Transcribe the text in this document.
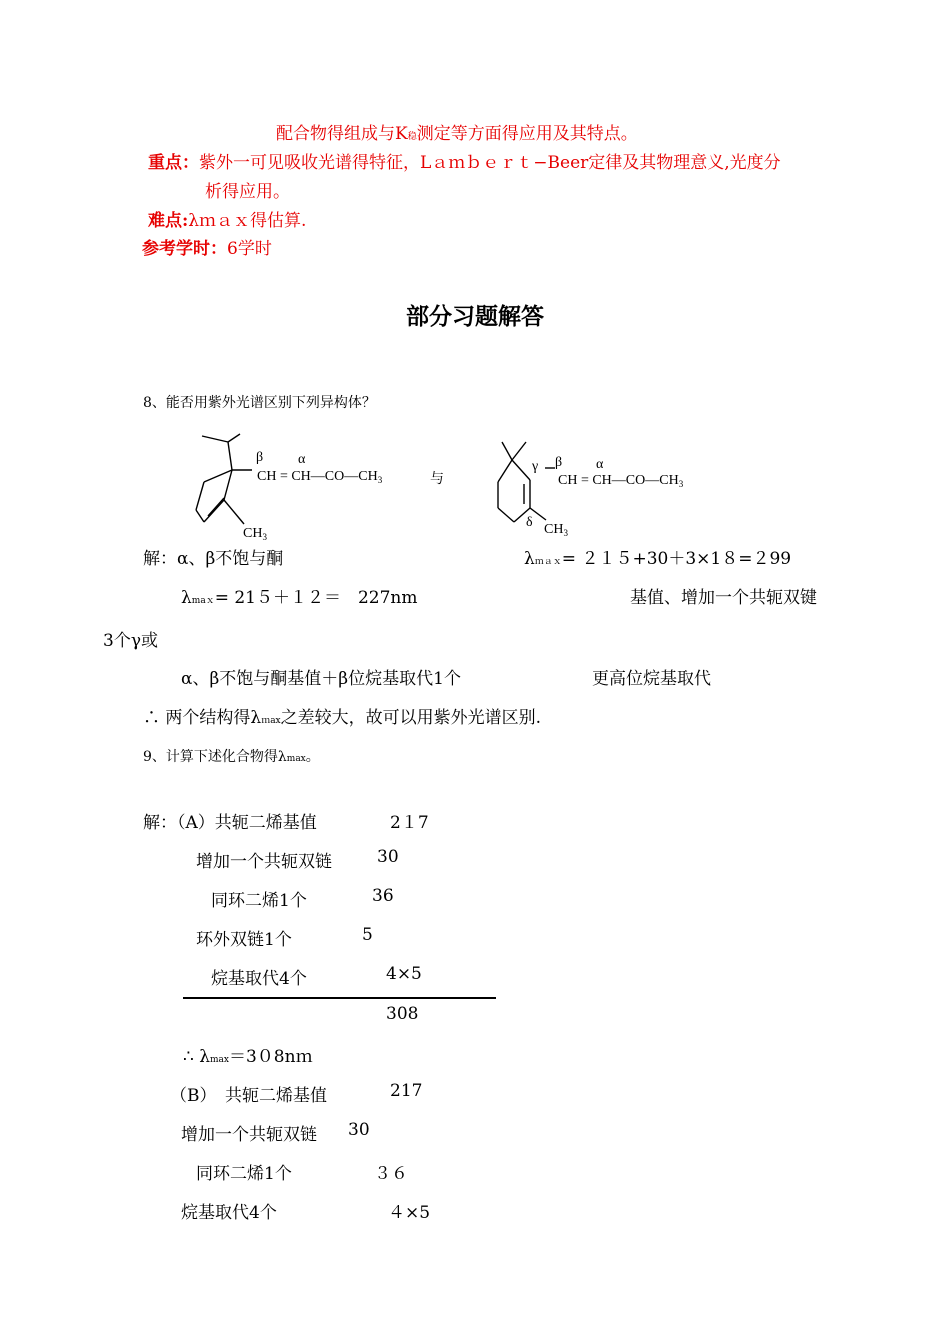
配合物得组成与K稳测定等方面得应用及其特点。
重点：紫外一可见吸收光谱得特征，Lａｍｂｅｒｔ−Beer定律及其物理意义,光度分
析得应用。
难点:λｍａｘ得估算.
参考学时：6学时
部分习题解答
8、能否用紫外光谱区别下列异构体？
β α
CH = $CH—CO—CH_3$
$CH_3$
与
γ β α
CH = $CH—CO—CH_3$
δ $CH_3$
解：α、β不饱与酮	λｍａｘ= ２１５+30＋3×1８=２99
λmaｘ= 21５＋１２＝　227nm	基值、增加一个共轭双键
3个γ或
α、β不饱与酮基值＋β位烷基取代1个	更高位烷基取代
∴ 两个结构得λｍax之差较大，故可以用紫外光谱区别.
9、计算下述化合物得λmax。
解：（A）共轭二烯基值	2１7
增加一个共轭双链	30
同环二烯1个	36
环外双链1个	5
烷基取代4个	4×5
308
∴ λmax＝3０8nｍ
（B）　共轭二烯基值	217
增加一个共轭双链 30
同环二烯1个	３６
烷基取代4个	４×5
